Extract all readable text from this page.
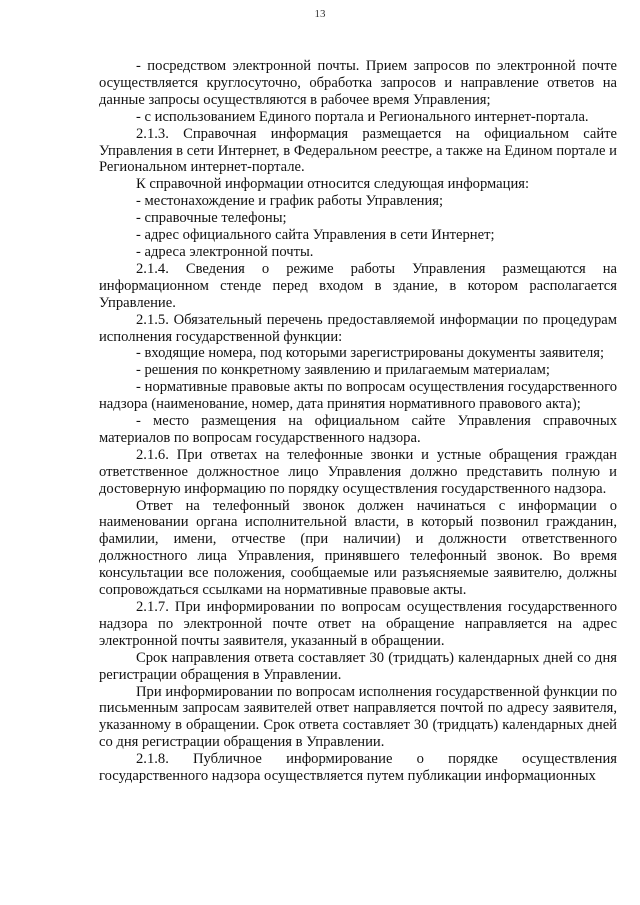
13

- посредством электронной почты. Прием запросов по электронной почте осуществляется круглосуточно, обработка запросов и направление ответов на данные запросы осуществляются в рабочее время Управления;

- с использованием Единого портала и Регионального интернет-портала.

2.1.3. Справочная информация размещается на официальном сайте Управления в сети Интернет, в Федеральном реестре, а также на Едином портале и Региональном интернет-портале.

К справочной информации относится следующая информация:

- местонахождение и график работы Управления;

- справочные телефоны;

- адрес официального сайта Управления в сети Интернет;

- адреса электронной почты.

2.1.4. Сведения о режиме работы Управления размещаются на информационном стенде перед входом в здание, в котором располагается Управление.

2.1.5. Обязательный перечень предоставляемой информации по процедурам исполнения государственной функции:

- входящие номера, под которыми зарегистрированы документы заявителя;

- решения по конкретному заявлению и прилагаемым материалам;

- нормативные правовые акты по вопросам осуществления государственного надзора (наименование, номер, дата принятия нормативного правового акта);

- место размещения на официальном сайте Управления справочных материалов по вопросам государственного надзора.

2.1.6. При ответах на телефонные звонки и устные обращения граждан ответственное должностное лицо Управления должно представить полную и достоверную информацию по порядку осуществления государственного надзора.

Ответ на телефонный звонок должен начинаться с информации о наименовании органа исполнительной власти, в который позвонил гражданин, фамилии, имени, отчестве (при наличии) и должности ответственного должностного лица Управления, принявшего телефонный звонок. Во время консультации все положения, сообщаемые или разъясняемые заявителю, должны сопровождаться ссылками на нормативные правовые акты.

2.1.7. При информировании по вопросам осуществления государственного надзора по электронной почте ответ на обращение направляется на адрес электронной почты заявителя, указанный в обращении.

Срок направления ответа составляет 30 (тридцать) календарных дней со дня регистрации обращения в Управлении.

При информировании по вопросам исполнения государственной функции по письменным запросам заявителей ответ направляется почтой по адресу заявителя, указанному в обращении. Срок ответа составляет 30 (тридцать) календарных дней со дня регистрации обращения в Управлении.

2.1.8. Публичное информирование о порядке осуществления государственного надзора осуществляется путем публикации информационных
